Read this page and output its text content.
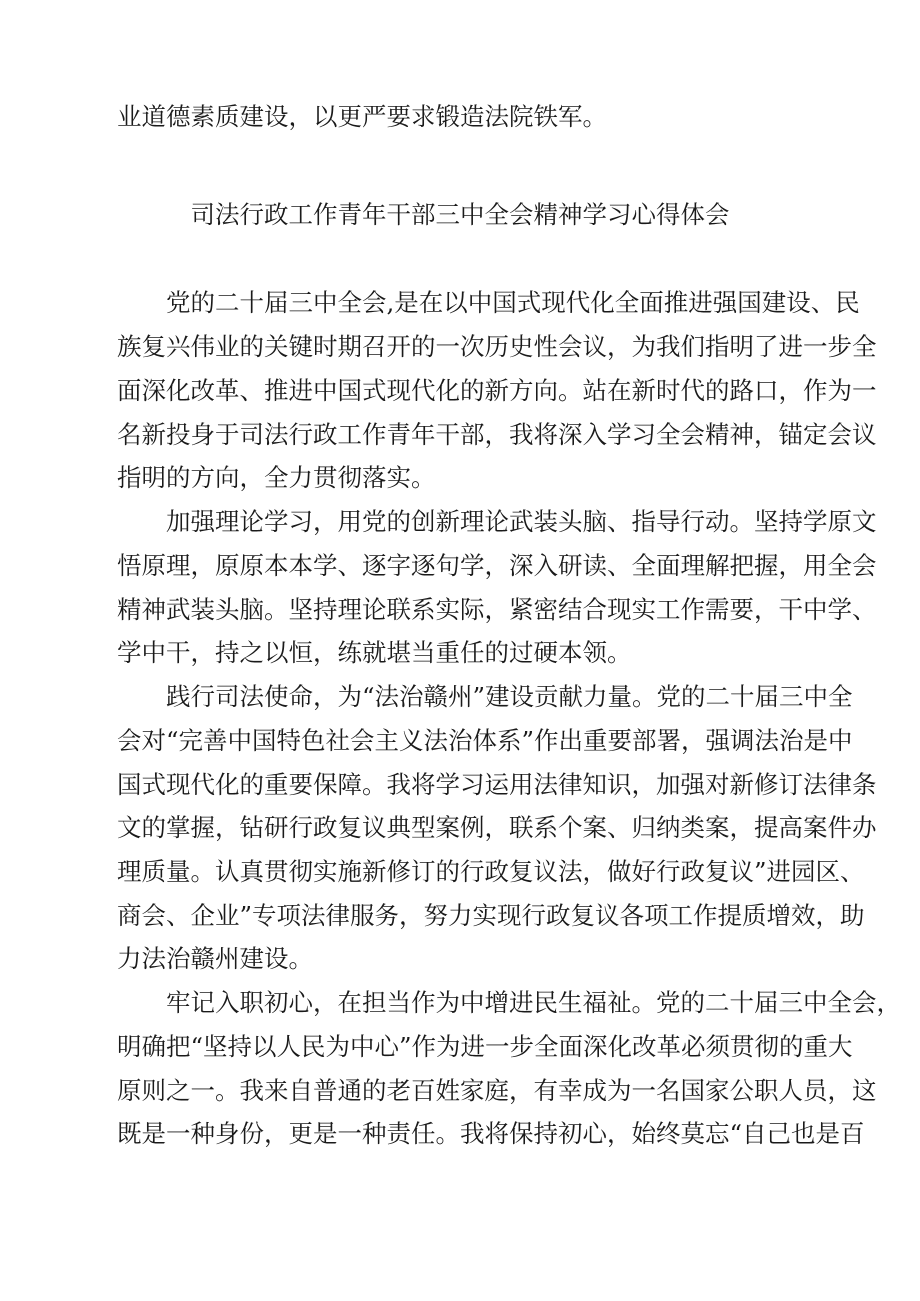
业道德素质建设，以更严要求锻造法院铁军。
司法行政工作青年干部三中全会精神学习心得体会
党的二十届三中全会,是在以中国式现代化全面推进强国建设、民
族复兴伟业的关键时期召开的一次历史性会议，为我们指明了进一步全
面深化改革、推进中国式现代化的新方向。站在新时代的路口，作为一
名新投身于司法行政工作青年干部，我将深入学习全会精神，锚定会议
指明的方向，全力贯彻落实。
加强理论学习，用党的创新理论武装头脑、指导行动。坚持学原文
悟原理，原原本本学、逐字逐句学，深入研读、全面理解把握，用全会
精神武装头脑。坚持理论联系实际，紧密结合现实工作需要，干中学、
学中干，持之以恒，练就堪当重任的过硬本领。
践行司法使命，为“法治赣州”建设贡献力量。党的二十届三中全
会对“完善中国特色社会主义法治体系”作出重要部署，强调法治是中
国式现代化的重要保障。我将学习运用法律知识，加强对新修订法律条
文的掌握，钻研行政复议典型案例，联系个案、归纳类案，提高案件办
理质量。认真贯彻实施新修订的行政复议法，做好行政复议”进园区、
商会、企业”专项法律服务，努力实现行政复议各项工作提质增效，助
力法治赣州建设。
牢记入职初心，在担当作为中增进民生福祉。党的二十届三中全会，
明确把“坚持以人民为中心”作为进一步全面深化改革必须贯彻的重大
原则之一。我来自普通的老百姓家庭，有幸成为一名国家公职人员，这
既是一种身份，更是一种责任。我将保持初心，始终莫忘“自己也是百
